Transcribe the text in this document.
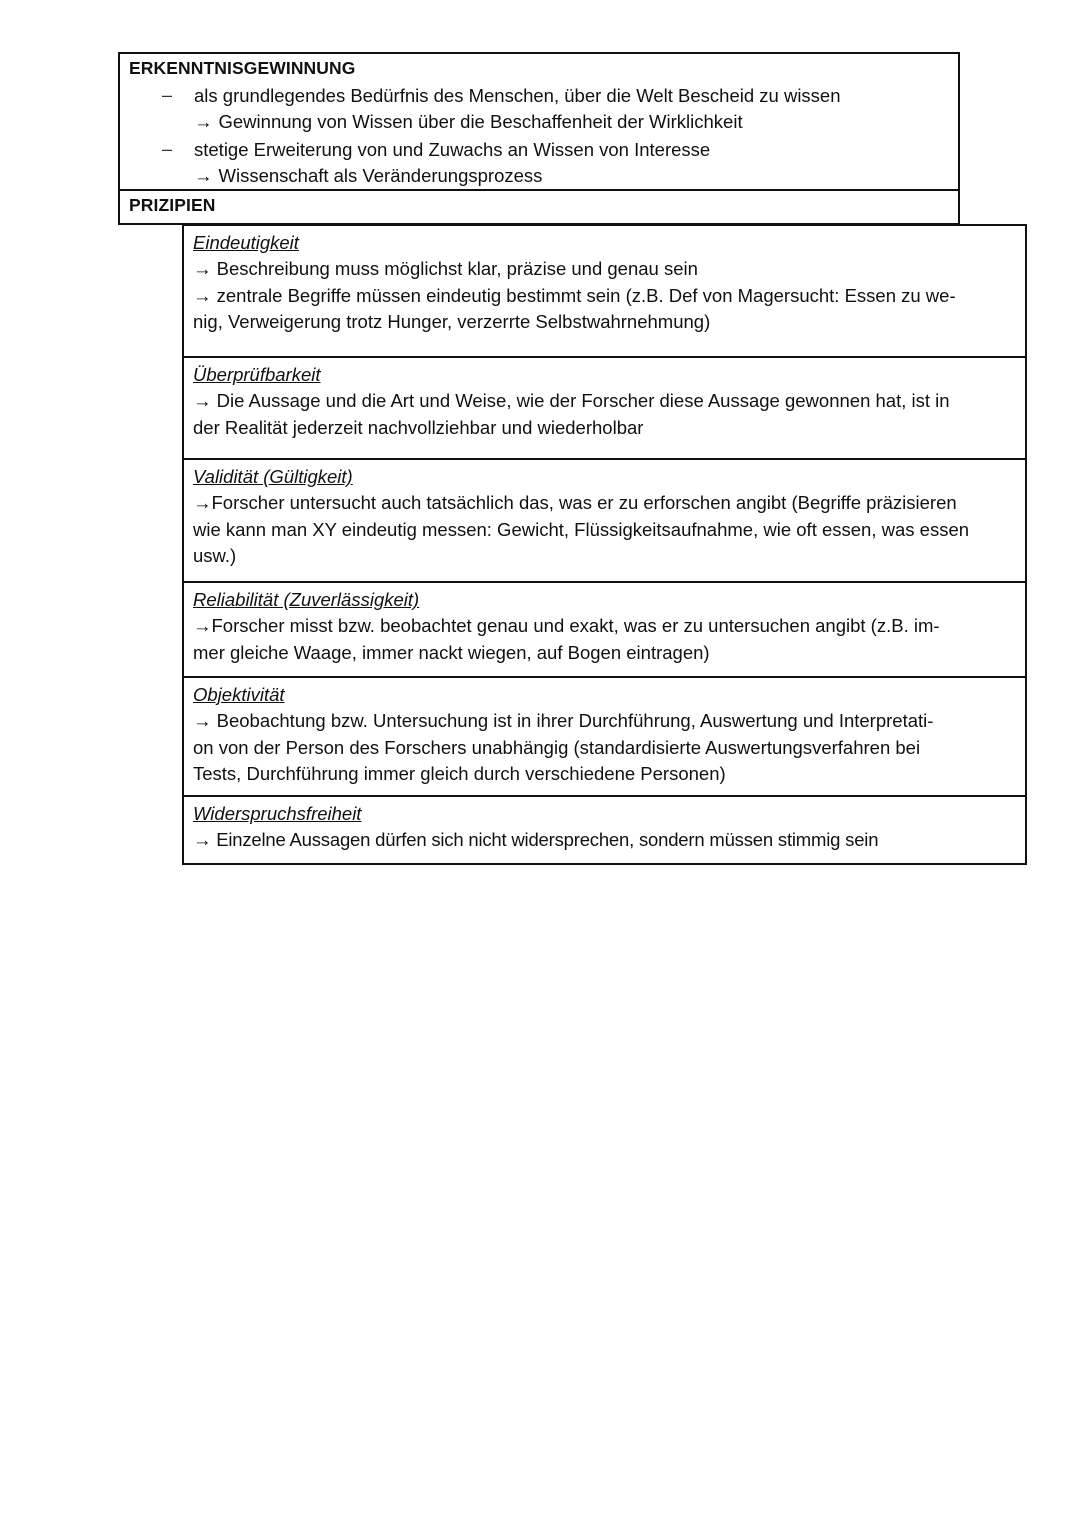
ERKENNTNISGEWINNUNG
– als grundlegendes Bedürfnis des Menschen, über die Welt Bescheid zu wissen
→ Gewinnung von Wissen über die Beschaffenheit der Wirklichkeit
– stetige Erweiterung von und Zuwachs an Wissen von Interesse
→ Wissenschaft als Veränderungsprozess
PRIZIPIEN
Eindeutigkeit
→ Beschreibung muss möglichst klar, präzise und genau sein
→ zentrale Begriffe müssen eindeutig bestimmt sein (z.B. Def von Magersucht: Essen zu we-
nig, Verweigerung trotz Hunger, verzerrte Selbstwahrnehmung)
Überprüfbarkeit
→ Die Aussage und die Art und Weise, wie der Forscher diese Aussage gewonnen hat, ist in
der Realität jederzeit nachvollziehbar und wiederholbar
Validität (Gültigkeit)
→Forscher untersucht auch tatsächlich das, was er zu erforschen angibt (Begriffe präzisieren
wie kann man XY eindeutig messen: Gewicht, Flüssigkeitsaufnahme, wie oft essen, was essen
usw.)
Reliabilität (Zuverlässigkeit)
→Forscher misst bzw. beobachtet genau und exakt, was er zu untersuchen angibt (z.B. im-
mer gleiche Waage, immer nackt wiegen, auf Bogen eintragen)
Objektivität
→ Beobachtung bzw. Untersuchung ist in ihrer Durchführung, Auswertung und Interpretati-
on von der Person des Forschers unabhängig (standardisierte Auswertungsverfahren bei
Tests, Durchführung immer gleich durch verschiedene Personen)
Widerspruchsfreiheit
→ Einzelne Aussagen dürfen sich nicht widersprechen, sondern müssen stimmig sein
